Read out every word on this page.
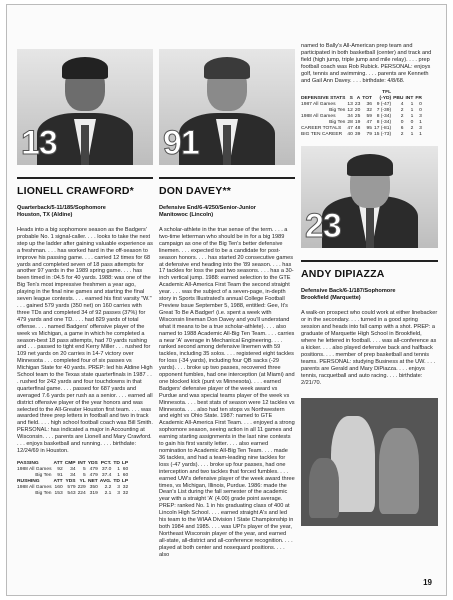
13
LIONELL CRAWFORD*
Quarterback/5-11/185/Sophomore
Houston, TX (Aldine)
Heads into a big sophomore season as the Badgers' probable No. 1 signal-caller. . . . looks to take the next step up the ladder after gaining valuable experience as a freshman. . . . has worked hard in the off-season to improve his passing game. . . . carried 12 times for 68 yards and completed seven of 18 pass attempts for another 97 yards in the 1989 spring game. . . . has been timed in :04.5 for 40 yards. 1988: was one of the Big Ten's most impressive freshmen a year ago, playing in the final nine games and starting the final seven league contests. . . . earned his first varsity "W." . . . gained 579 yards (350 net) on 160 carries with three TDs and completed 34 of 92 passes (37%) for 479 yards and one TD. . . . had 829 yards of total offense. . . . named Badgers' offensive player of the week vs Michigan, a game in which he completed a season-best 18 pass attempts, had 70 yards rushing and . . . passed to tight end Kerry Miller . . . rushed for 109 net yards on 20 carries in 14-7 victory over Minnesota . . . completed four of six passes vs Michigan State for 40 yards. PREP: led his Aldine High School team to the Texas state quarterfinals in 1987 . . . rushed for 242 yards and four touchdowns in that quarterfinal game. . . . passed for 687 yards and averaged 7.6 yards per rush as a senior. . . . earned all district offensive player of the year honors and was selected to the All-Greater Houston first team. . . . was awarded three prep letters in football and two in track and field. . . . high school football coach was Bill Smith. PERSONAL: has indicated a major in Accounting at Wisconsin. . . . parents are Lionell and Mary Crawford. . . . enjoys basketball and running. . . . birthdate: 12/24/69 in Houston.
PASSING	ATT	CMP	INT	YDS	PCT.	TD	LP
1988 All Games	92	34	5	479	37.0	1	60
Big Ten	91	34	5	479	37.4	1	60
RUSHING	ATT	YDS	YL	NET	AVG.	TD	LP
1988 All Games	160	579	229	350	2.2	3	32
Big Ten	153	543	224	319	2.1	3	32
91
DON DAVEY**
Defensive End/6-4/250/Senior-Junior
Manitowoc (Lincoln)
A scholar-athlete in the true sense of the term. . . . a two-time letterman who should be in for a big 1989 campaign as one of the Big Ten's better defensive linemen. . . . expected to be a candidate for post-season honors. . . . has started 20 consecutive games at defensive end heading into the '89 season. . . . has 17 tackles for loss the past two seasons. . . . has a 30-inch vertical jump. 1988: earned selection to the GTE Academic All-America First Team the second straight year. . . . was the subject of a seven-page, in-depth story in Sports Illustrated's annual College Football Preview Issue September 5, 1988, entitled: Gee, It's Great To Be A Badger! (i.e. spent a week with Wisconsin lineman Don Davey and you'll understand what it means to be a true scholar-athlete). . . . also named to 1988 Academic All-Big Ten Team. . . . carries a near 'A' average in Mechanical Engineering. . . . ranked second among defensive linemen with 59 tackles, including 35 solos. . . . registered eight tackles for loss (-34 yards), including four QB sacks (-29 yards). . . . broke up two passes, recovered three opponent fumbles, had one interception (at Miami) and one blocked kick (punt vs Minnesota). . . . earned Badgers' defensive player of the week award vs Purdue and was special teams player of the week vs Minnesota. . . . best stats of season were 12 tackles vs Minnesota. . . . also had ten stops vs Northwestern and eight vs Ohio State. 1987: named to GTE Academic All-America First Team. . . . enjoyed a strong sophomore season, seeing action in all 11 games and earning starting assignments in the last nine contests to gain his first varsity letter. . . . also earned nomination to Academic All-Big Ten Team. . . . made 36 tackles, and had a team-leading nine tackles for loss (-47 yards). . . . broke up four passes, had one interception and two tackles that forced fumbles. . . . earned UW's defensive player of the week award three times, vs Michigan, Illinois, Purdue. 1986: made the Dean's List during the fall semester of the academic year with a straight 'A' (4.00) grade point average. PREP: ranked No. 1 in his graduating class of 400 at Lincoln High School. . . . earned straight A's and led his team to the WIAA Division I State Championship in both 1984 and 1985. . . . was UPI's player of the year, Northeast Wisconsin player of the year, and earned all-state, all-district and all-conference recognition. . . . played at both center and nosequard positions. . . . also
named to Bally's All-American prep team and participated in both basketball (center) and track and field (high jump, triple jump and mile relay). . . . prep football coach was Rob Rubick. PERSONAL: enjoys golf, tennis and swimming. . . . parents are Kenneth and Gail Ann Davey. . . . birthdate: 4/8/68.
				TFL			
DEFENSIVE STATS	S	A	TOT	(-YD)	PBU	INT	FR
1987 All Games	13	23	36	9 (-47)	4	1	0
Big Ten	12	20	32	7 (-39)	2	1	0
1988 All Games	34	25	59	8 (-34)	2	1	3
Big Ten	28	19	47	8 (-34)	0	0	1
CAREER TOTALS	47	48	95	17 (-81)	6	2	3
BIG TEN CAREER	40	39	79	15 (-73)	2	1	1
23
ANDY DIPIAZZA
Defensive Back/6-1/187/Sophomore
Brookfield (Marquette)
A walk-on prospect who could work at either linebacker or in the secondary. . . . turned in a good spring session and heads into fall camp with a shot. PREP: a graduate of Marquette High School in Brookfield, where he lettered in football. . . . was all-conference as a kicker. . . . also played defensive back and halfback positions. . . . member of prep basketball and tennis teams. PERSONAL: studying Business at the UW. . . . parents are Gerald and Mary DiPiazza. . . . enjoys tennis, racquetball and auto racing. . . . birthdate: 2/21/70.
19
